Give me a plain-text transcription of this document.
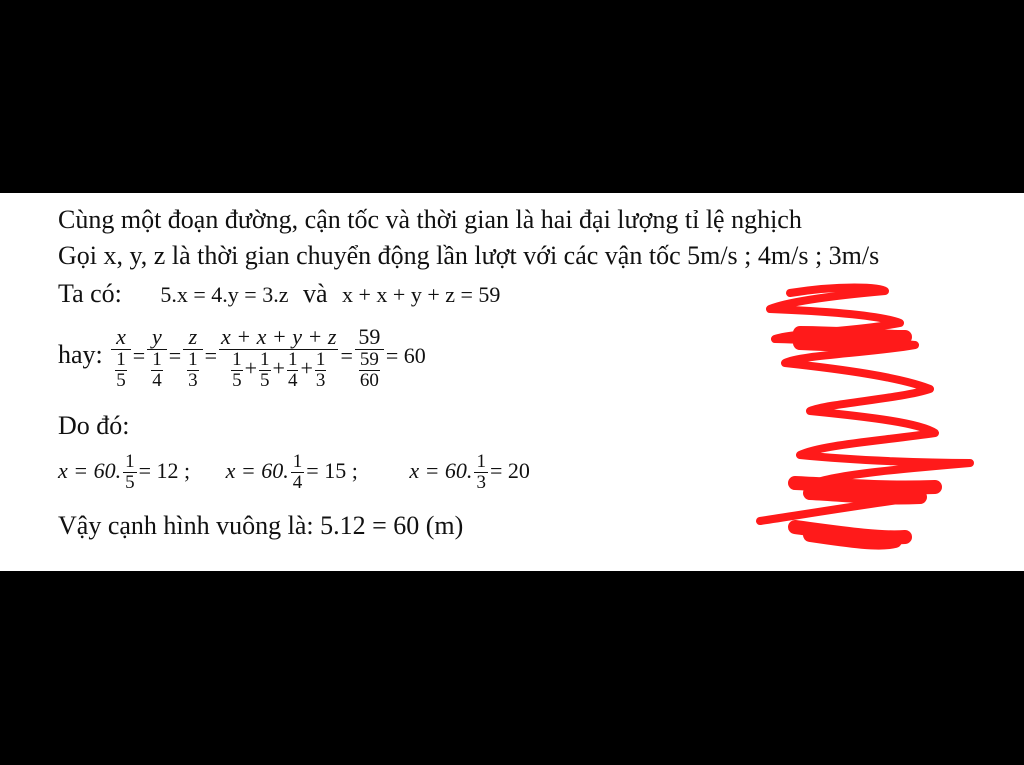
Cùng một đoạn đường, cận tốc và thời gian là hai đại lượng tỉ lệ nghịch
Gọi x, y, z là thời gian chuyển động lần lượt với các vận tốc 5m/s ; 4m/s ; 3m/s
Ta có: 5.x = 4.y = 3.z và x + x + y + z = 59
hay: $\frac{x}{\frac{1}{5}} = \frac{y}{\frac{1}{4}} = \frac{z}{\frac{1}{3}} = \frac{x + x + y + z}{\frac{1}{5} + \frac{1}{5} + \frac{1}{4} + \frac{1}{3}} = \frac{59}{\frac{59}{60}} = 60$
Do đó:
x = 60. $\frac{1}{5} = 12$ ; x = 60. $\frac{1}{4} = 15$ ; x = 60. $\frac{1}{3} = 20$
Vậy cạnh hình vuông là: 5.12 = 60 (m)
